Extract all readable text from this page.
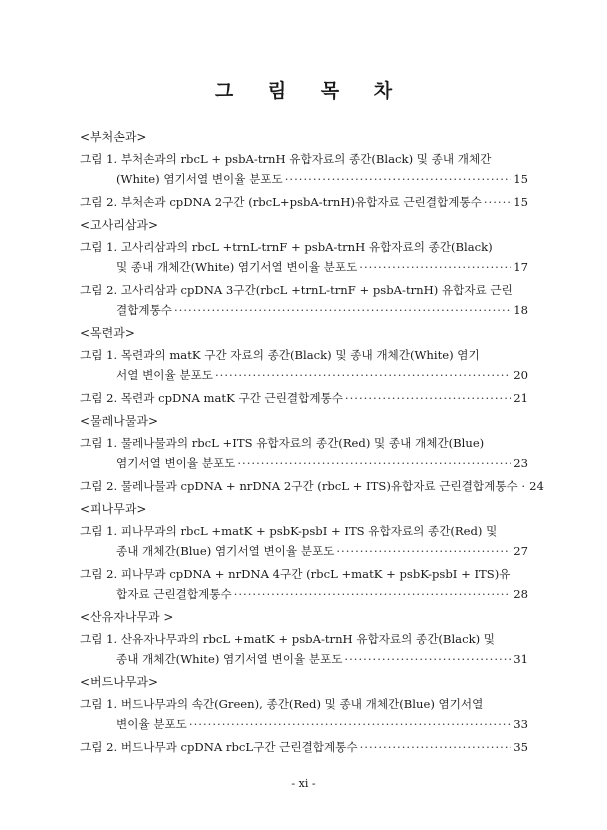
그 림 목 차
<부처손과>
그림 1. 부처손과의 rbcL + psbA-trnH 유합자료의 종간(Black) 및 종내 개체간
(White) 염기서열 변이율 분포도 ·····	15
그림 2. 부처손과 cpDNA 2구간 (rbcL+psbA-trnH)유합자료 근린결합계통수 ·····	15
<고사리삼과>
그림 1. 고사리삼과의 rbcL +trnL-trnF + psbA-trnH 유합자료의 종간(Black)
및 종내 개체간(White) 염기서열 변이율 분포도 ·····	17
그림 2. 고사리삼과 cpDNA 3구간(rbcL +trnL-trnF + psbA-trnH) 유합자료 근린
결합계통수 ·····	18
<목련과>
그림 1. 목련과의 matK 구간 자료의 종간(Black) 및 종내 개체간(White) 염기
서열 변이율 분포도 ·····	20
그림 2. 목련과 cpDNA matK 구간 근린결합계통수 ·····	21
<물레나물과>
그림 1. 물레나물과의 rbcL +ITS 유합자료의 종간(Red) 및 종내 개체간(Blue)
염기서열 변이율 분포도 ·····	23
그림 2. 물레나물과 cpDNA + nrDNA 2구간 (rbcL + ITS)유합자료 근린결합계통수 · 24
<피나무과>
그림 1. 피나무과의 rbcL +matK + psbK-psbI + ITS 유합자료의 종간(Red) 및
종내 개체간(Blue) 염기서열 변이율 분포도 ·····	27
그림 2. 피나무과 cpDNA + nrDNA 4구간 (rbcL +matK + psbK-psbI + ITS)유
합자료 근린결합계통수 ·····	28
<산유자나무과 >
그림 1. 산유자나무과의 rbcL +matK + psbA-trnH 유합자료의 종간(Black) 및
종내 개체간(White) 염기서열 변이율 분포도 ·····	31
<버드나무과>
그림 1. 버드나무과의 속간(Green), 종간(Red) 및 종내 개체간(Blue) 염기서열
변이율 분포도 ·····	33
그림 2. 버드나무과 cpDNA rbcL구간 근린결합계통수 ·····	35
- xi -
